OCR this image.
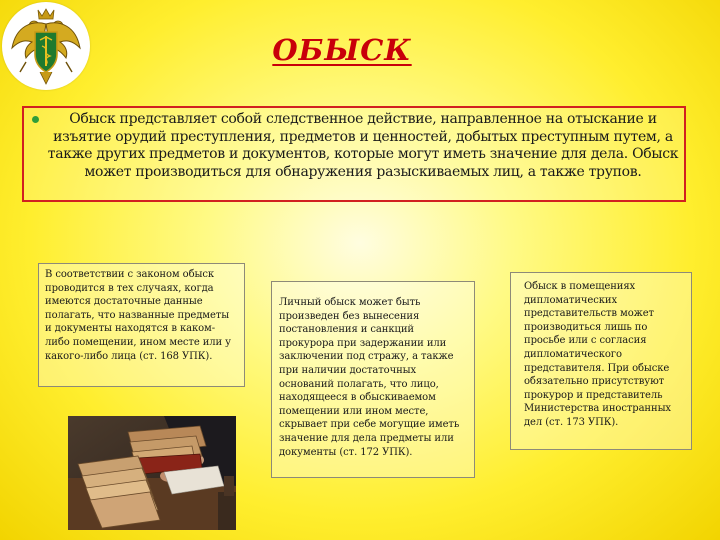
ОБЫСК
Обыск представляет собой следственное действие, направленное на отыскание и изъятие орудий преступления, предметов и ценностей, добытых преступным путем, а также других предметов и документов, которые могут иметь значение для дела. Обыск может производиться для обнаружения разыскиваемых лиц, а также трупов.
В соответствии с законом обыск проводится в тех случаях, когда имеются достаточные данные полагать, что названные предметы и документы находятся в каком-либо помещении, ином месте или у какого-либо лица (ст. 168 УПК).
Личный обыск может быть произведен без вынесения постановления и санкций прокурора при задержании или заключении под стражу, а также при наличии достаточных оснований полагать, что лицо, находящееся в обыскиваемом помещении или ином месте, скрывает при себе могущие иметь значение для дела предметы или документы (ст. 172 УПК).
Обыск в помещениях дипломатических представительств может производиться лишь по просьбе или с согласия дипломатического представителя. При обыске обязательно присутствуют прокурор и представитель Министерства иностранных дел (ст. 173 УПК).
